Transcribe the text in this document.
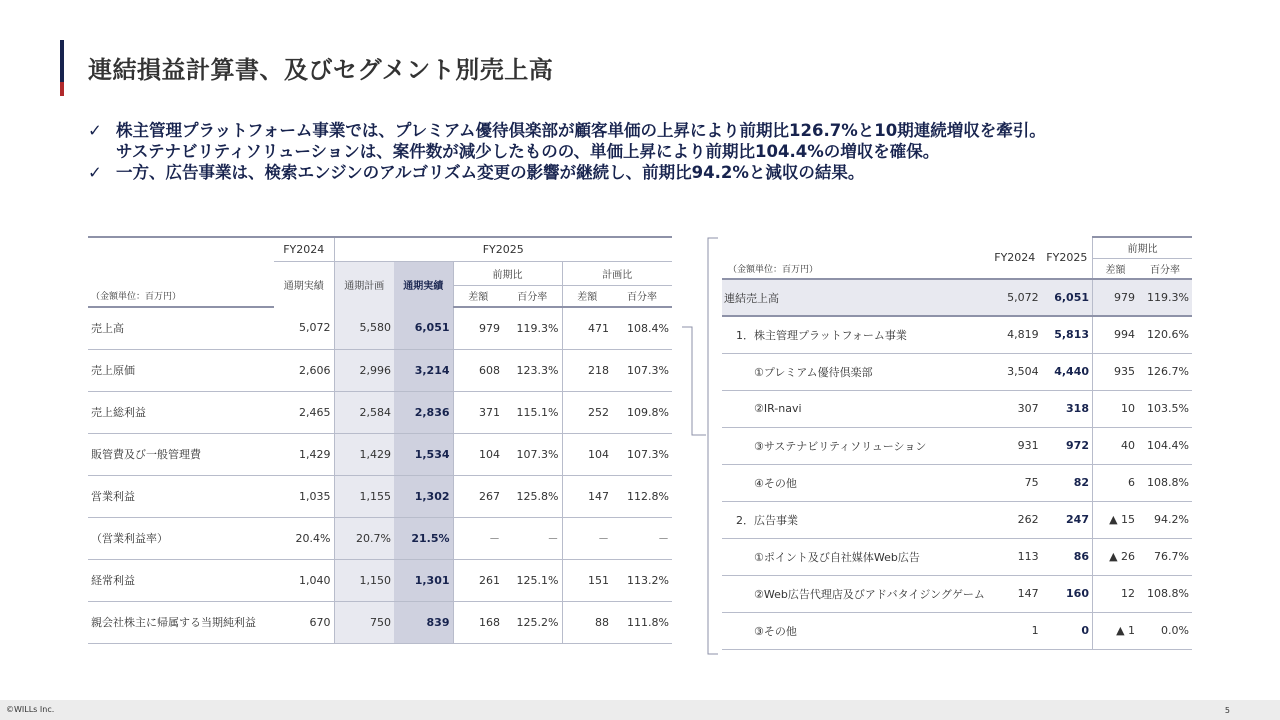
連結損益計算書、及びセグメント別売上高
✓ 株主管理プラットフォーム事業では、プレミアム優待倶楽部が顧客単価の上昇により前期比126.7%と10期連続増収を牽引。
サステナビリティソリューションは、案件数が減少したものの、単価上昇により前期比104.4%の増収を確保。
✓ 一方、広告事業は、検索エンジンのアルゴリズム変更の影響が継続し、前期比94.2%と減収の結果。
	FY2024	FY2025					
	通期実績	通期計画	通期実績	前期比		計画比	
（金額単位：百万円）				差額	百分率	差額	百分率
売上高	5,072	5,580	6,051	979	119.3%	471	108.4%
売上原価	2,606	2,996	3,214	608	123.3%	218	107.3%
売上総利益	2,465	2,584	2,836	371	115.1%	252	109.8%
販管費及び一般管理費	1,429	1,429	1,534	104	107.3%	104	107.3%
営業利益	1,035	1,155	1,302	267	125.8%	147	112.8%
（営業利益率）	20.4%	20.7%	21.5%	－	－	－	－
経常利益	1,040	1,150	1,301	261	125.1%	151	113.2%
親会社株主に帰属する当期純利益	670	750	839	168	125.2%	88	111.8%
	FY2024	FY2025	前期比	
（金額単位：百万円）			差額	百分率
連結売上高	5,072	6,051	979	119.3%
1．株主管理プラットフォーム事業	4,819	5,813	994	120.6%
①プレミアム優待倶楽部	3,504	4,440	935	126.7%
②IR-navi	307	318	10	103.5%
③サステナビリティソリューション	931	972	40	104.4%
④その他	75	82	6	108.8%
2．広告事業	262	247	▲ 15	94.2%
①ポイント及び自社媒体Web広告	113	86	▲ 26	76.7%
②Web広告代理店及びアドバタイジングゲーム	147	160	12	108.8%
③その他	1	0	▲ 1	0.0%
©WILLs Inc.	5
